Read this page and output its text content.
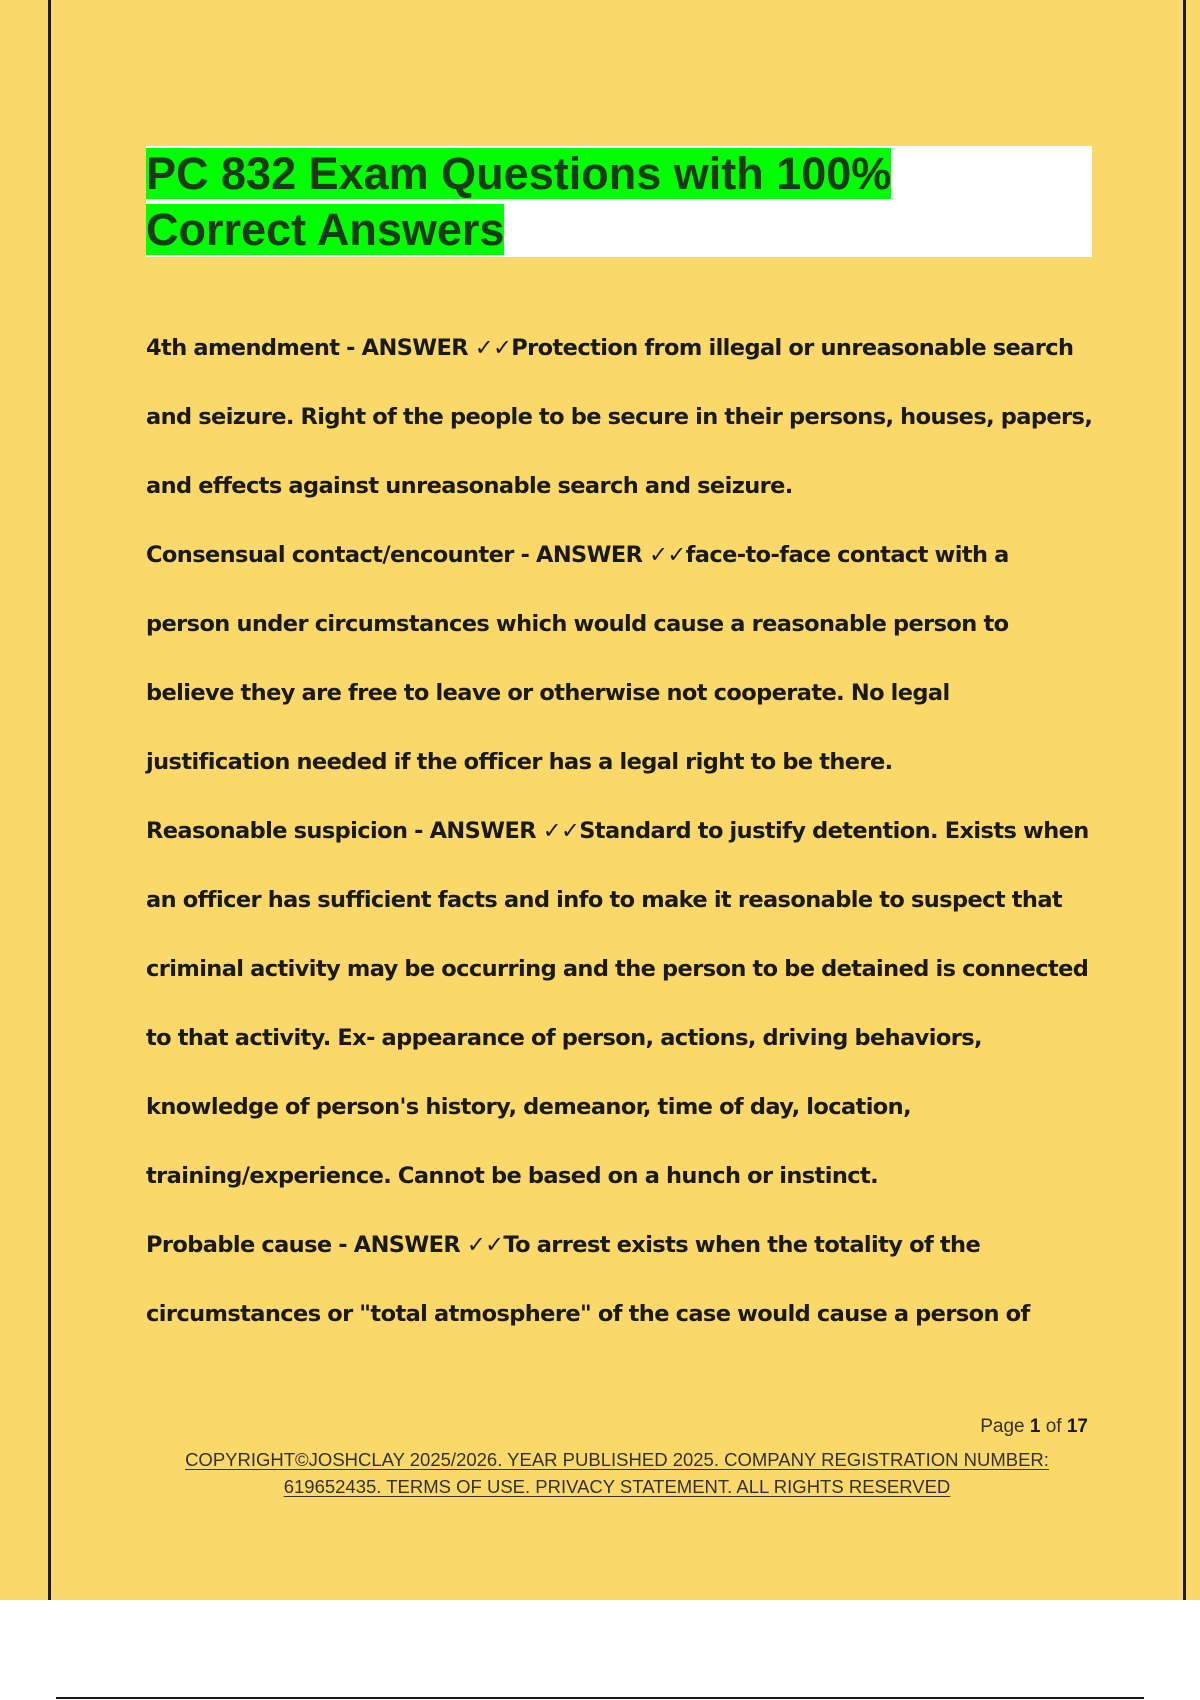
PC 832 Exam Questions with 100%
Correct Answers

4th amendment - ANSWER ✓✓Protection from illegal or unreasonable search and seizure. Right of the people to be secure in their persons, houses, papers, and effects against unreasonable search and seizure.

Consensual contact/encounter - ANSWER ✓✓face-to-face contact with a person under circumstances which would cause a reasonable person to believe they are free to leave or otherwise not cooperate. No legal justification needed if the officer has a legal right to be there.

Reasonable suspicion - ANSWER ✓✓Standard to justify detention. Exists when an officer has sufficient facts and info to make it reasonable to suspect that criminal activity may be occurring and the person to be detained is connected to that activity. Ex- appearance of person, actions, driving behaviors, knowledge of person's history, demeanor, time of day, location, training/experience. Cannot be based on a hunch or instinct.

Probable cause - ANSWER ✓✓To arrest exists when the totality of the circumstances or "total atmosphere" of the case would cause a person of

Page 1 of 17
COPYRIGHT©JOSHCLAY 2025/2026. YEAR PUBLISHED 2025. COMPANY REGISTRATION NUMBER:
619652435. TERMS OF USE. PRIVACY STATEMENT. ALL RIGHTS RESERVED
